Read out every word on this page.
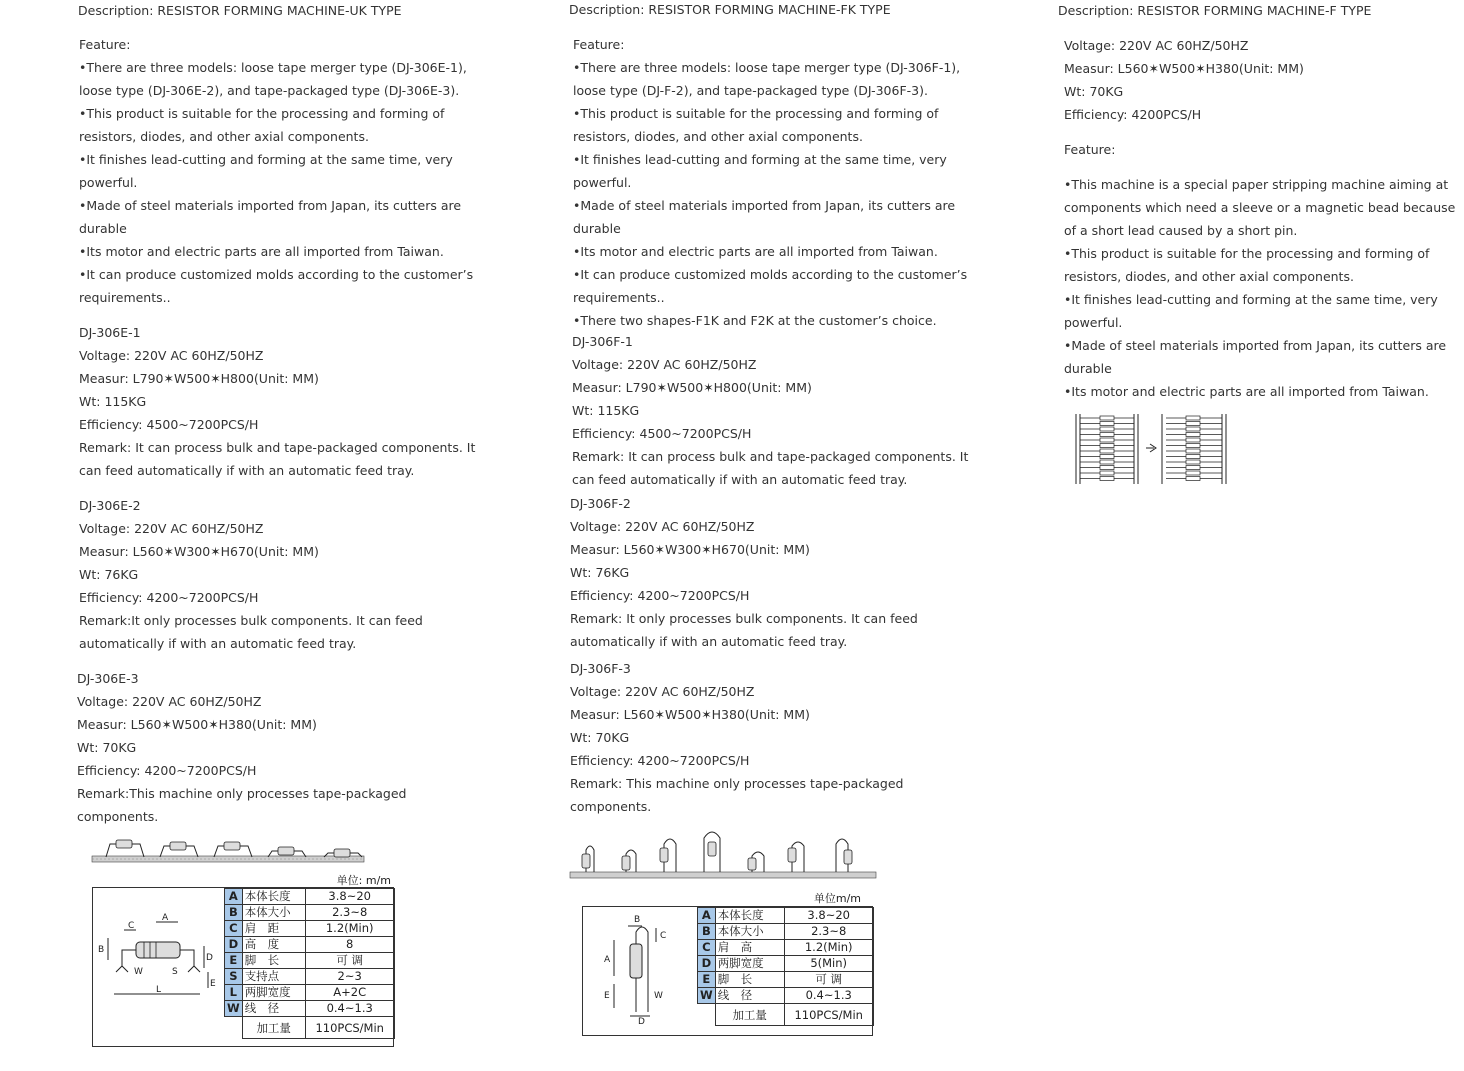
Description: RESISTOR FORMING MACHINE-UK TYPE	Description: RESISTOR FORMING MACHINE-FK TYPE	Description: RESISTOR FORMING MACHINE-F TYPE
Feature:
•There are three models: loose tape merger type (DJ-306E-1),
loose type (DJ-306E-2), and tape-packaged type (DJ-306E-3).
•This product is suitable for the processing and forming of
resistors, diodes, and other axial components.
•It finishes lead-cutting and forming at the same time, very
powerful.
•Made of steel materials imported from Japan, its cutters are
durable
•Its motor and electric parts are all imported from Taiwan.
•It can produce customized molds according to the customer’s
requirements..
DJ-306E-1
Voltage: 220V AC 60HZ/50HZ
Measur: L790✶W500✶H800(Unit: MM)
Wt: 115KG
Efficiency: 4500~7200PCS/H
Remark: It can process bulk and tape-packaged components. It
can feed automatically if with an automatic feed tray.
DJ-306E-2
Voltage: 220V AC 60HZ/50HZ
Measur: L560✶W300✶H670(Unit: MM)
Wt: 76KG
Efficiency: 4200~7200PCS/H
Remark:It only processes bulk components. It can feed
automatically if with an automatic feed tray.
DJ-306E-3
Voltage: 220V AC 60HZ/50HZ
Measur: L560✶W500✶H380(Unit: MM)
Wt: 70KG
Efficiency: 4200~7200PCS/H
Remark:This machine only processes tape-packaged
components.
Feature:
•There are three models: loose tape merger type (DJ-306F-1),
loose type (DJ-F-2), and tape-packaged type (DJ-306F-3).
•This product is suitable for the processing and forming of
resistors, diodes, and other axial components.
•It finishes lead-cutting and forming at the same time, very
powerful.
•Made of steel materials imported from Japan, its cutters are
durable
•Its motor and electric parts are all imported from Taiwan.
•It can produce customized molds according to the customer’s
requirements..
•There two shapes-F1K and F2K at the customer’s choice.
DJ-306F-1
Voltage: 220V AC 60HZ/50HZ
Measur: L790✶W500✶H800(Unit: MM)
Wt: 115KG
Efficiency: 4500~7200PCS/H
Remark: It can process bulk and tape-packaged components. It
can feed automatically if with an automatic feed tray.
DJ-306F-2
Voltage: 220V AC 60HZ/50HZ
Measur: L560✶W300✶H670(Unit: MM)
Wt: 76KG
Efficiency: 4200~7200PCS/H
Remark: It only processes bulk components. It can feed
automatically if with an automatic feed tray.
DJ-306F-3
Voltage: 220V AC 60HZ/50HZ
Measur: L560✶W500✶H380(Unit: MM)
Wt: 70KG
Efficiency: 4200~7200PCS/H
Remark: This machine only processes tape-packaged
components.
Voltage: 220V AC 60HZ/50HZ
Measur: L560✶W500✶H380(Unit: MM)
Wt: 70KG
Efficiency: 4200PCS/H
Feature:
•This machine is a special paper stripping machine aiming at
components which need a sleeve or a magnetic bead because
of a short lead caused by a short pin.
•This product is suitable for the processing and forming of
resistors, diodes, and other axial components.
•It finishes lead-cutting and forming at the same time, very
powerful.
•Made of steel materials imported from Japan, its cutters are
durable
•Its motor and electric parts are all imported from Taiwan.
单位: m/m
C
A
B
D
W	S
E
L
A	本体长度	3.8~20
B	本体大小	2.3~8
C	肩　距	1.2(Min)
D	高　度	8
E	脚　长	可 调
S	支持点	2~3
L	两脚宽度	A+2C
W	线　径	0.4~1.3
	加工量	110PCS/Min
单位m/m
B
C
A
E	W
D
A	本体长度	3.8~20
B	本体大小	2.3~8
C	肩　高	1.2(Min)
D	两脚宽度	5(Min)
E	脚　长	可 调
W	线　径	0.4~1.3
	加工量	110PCS/Min
